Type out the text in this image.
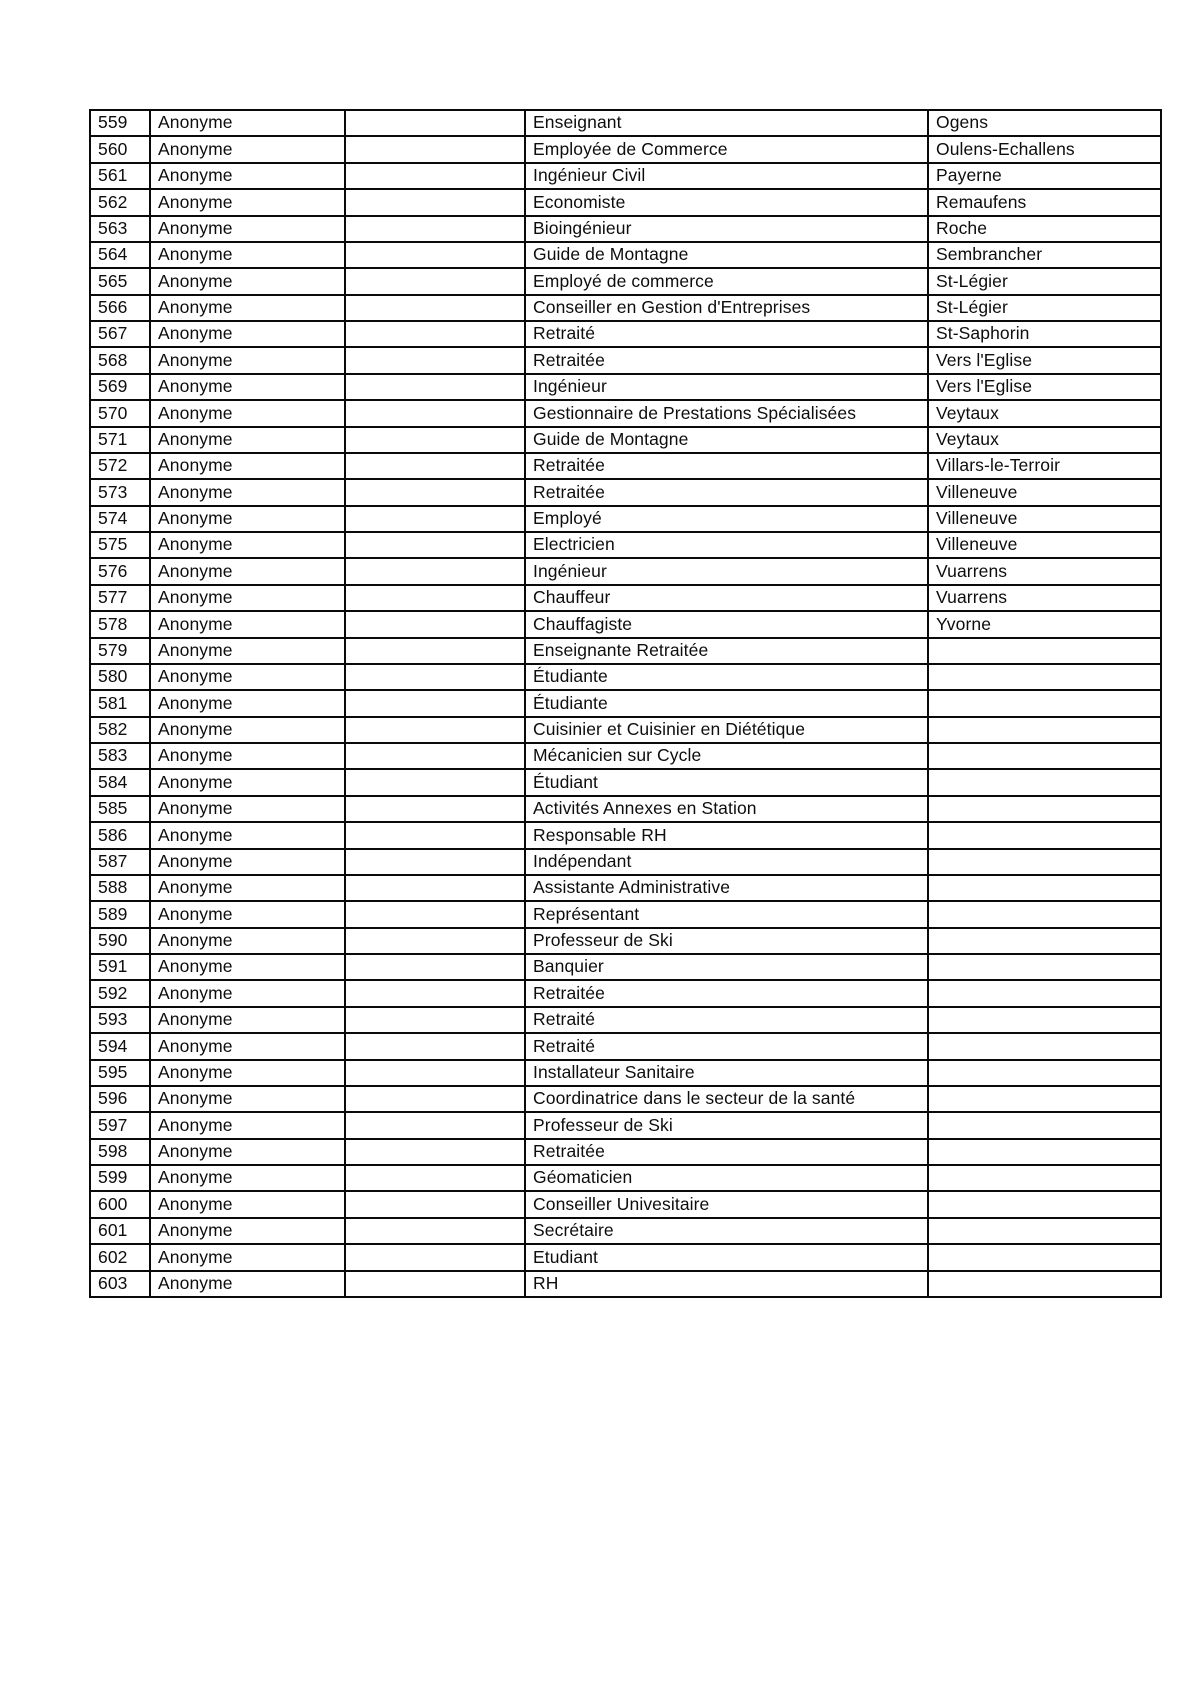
559	Anonyme		Enseignant	Ogens
560	Anonyme		Employée de Commerce	Oulens-Echallens
561	Anonyme		Ingénieur Civil	Payerne
562	Anonyme		Economiste	Remaufens
563	Anonyme		Bioingénieur	Roche
564	Anonyme		Guide de Montagne	Sembrancher
565	Anonyme		Employé de commerce	St-Légier
566	Anonyme		Conseiller en Gestion d'Entreprises	St-Légier
567	Anonyme		Retraité	St-Saphorin
568	Anonyme		Retraitée	Vers l'Eglise
569	Anonyme		Ingénieur	Vers l'Eglise
570	Anonyme		Gestionnaire de Prestations Spécialisées	Veytaux
571	Anonyme		Guide de Montagne	Veytaux
572	Anonyme		Retraitée	Villars-le-Terroir
573	Anonyme		Retraitée	Villeneuve
574	Anonyme		Employé	Villeneuve
575	Anonyme		Electricien	Villeneuve
576	Anonyme		Ingénieur	Vuarrens
577	Anonyme		Chauffeur	Vuarrens
578	Anonyme		Chauffagiste	Yvorne
579	Anonyme		Enseignante Retraitée	
580	Anonyme		Étudiante	
581	Anonyme		Étudiante	
582	Anonyme		Cuisinier et Cuisinier en Diététique	
583	Anonyme		Mécanicien sur Cycle	
584	Anonyme		Étudiant	
585	Anonyme		Activités Annexes en Station	
586	Anonyme		Responsable RH	
587	Anonyme		Indépendant	
588	Anonyme		Assistante Administrative	
589	Anonyme		Représentant	
590	Anonyme		Professeur de Ski	
591	Anonyme		Banquier	
592	Anonyme		Retraitée	
593	Anonyme		Retraité	
594	Anonyme		Retraité	
595	Anonyme		Installateur Sanitaire	
596	Anonyme		Coordinatrice dans le secteur de la santé	
597	Anonyme		Professeur de Ski	
598	Anonyme		Retraitée	
599	Anonyme		Géomaticien	
600	Anonyme		Conseiller Univesitaire	
601	Anonyme		Secrétaire	
602	Anonyme		Etudiant	
603	Anonyme		RH	
